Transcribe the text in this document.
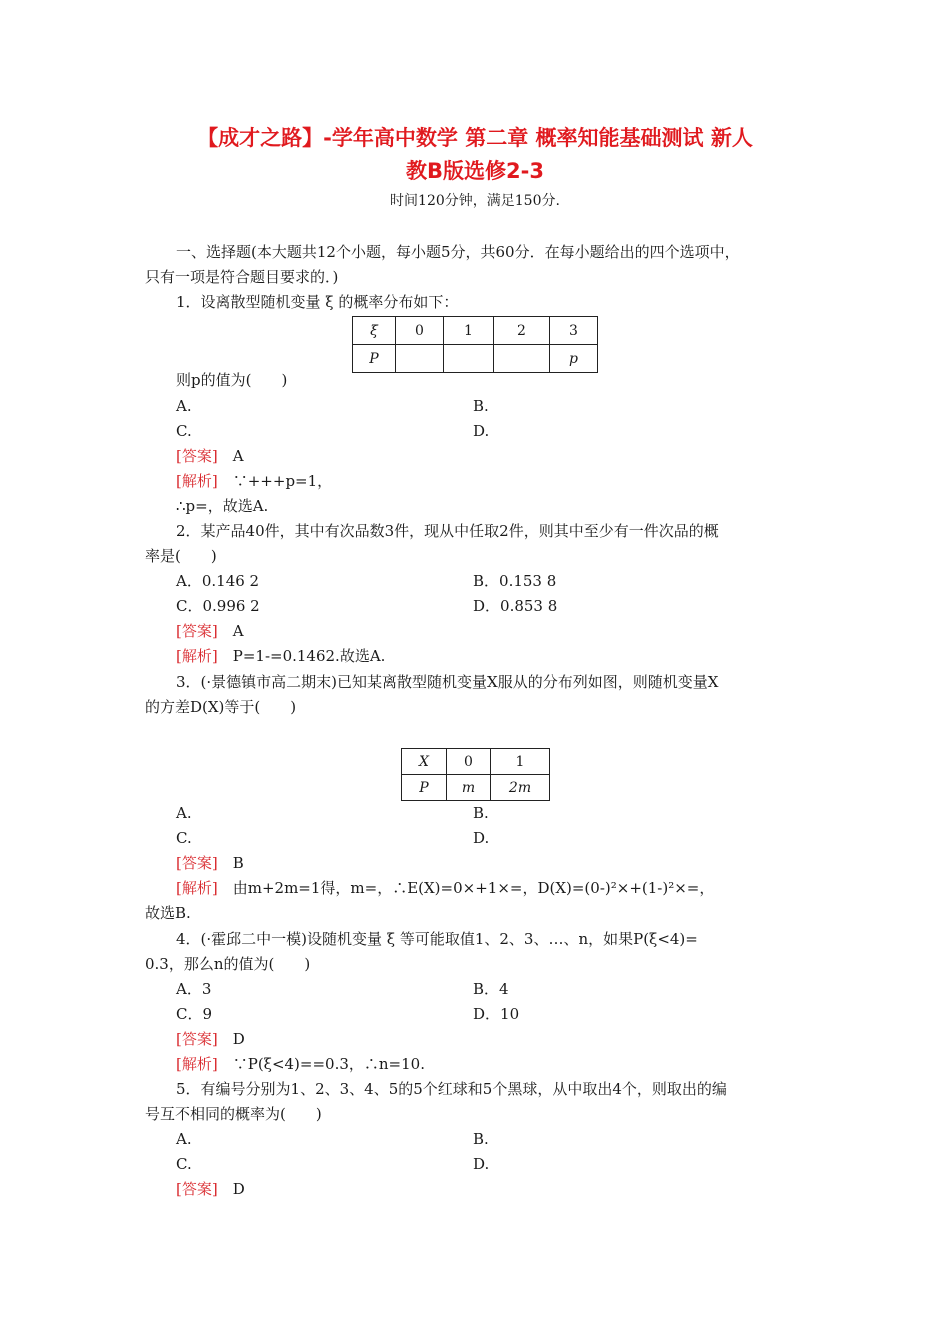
【成才之路】-学年高中数学 第二章 概率知能基础测试 新人
教B版选修2-3
时间120分钟，满足150分.
一、选择题(本大题共12个小题，每小题5分，共60分．在每小题给出的四个选项中，
只有一项是符合题目要求的．)
1．设离散型随机变量 ξ 的概率分布如下：
ξ	0	1	2	3
P				p
则p的值为(　　)
A.	B.
C.	D.
[答案]　 A
[解析]　 ∵+++p=1，
∴p=，故选A.
2．某产品40件，其中有次品数3件，现从中任取2件，则其中至少有一件次品的概
率是(　　)
A．0.146 2	B．0.153 8
C．0.996 2	D．0.853 8
[答案]　 A
[解析]　 P=1-=0.1462.故选A.
3．(·景德镇市高二期末)已知某离散型随机变量X服从的分布列如图，则随机变量X
的方差D(X)等于(　　)
X	0	1
P	m	2m
A.	B.
C.	D.
[答案]　 B
[解析]　 由m+2m=1得，m=，∴E(X)=0×+1×=，D(X)=(0-)²×+(1-)²×=，
故选B.
4．(·霍邱二中一模)设随机变量 ξ 等可能取值1、2、3、…、n，如果P(ξ<4)=
0.3，那么n的值为(　　)
A．3	B．4
C．9	D．10
[答案]　 D
[解析]　 ∵P(ξ<4)==0.3，∴n=10.
5．有编号分别为1、2、3、4、5的5个红球和5个黑球，从中取出4个，则取出的编
号互不相同的概率为(　　)
A.	B.
C.	D.
[答案]　 D
